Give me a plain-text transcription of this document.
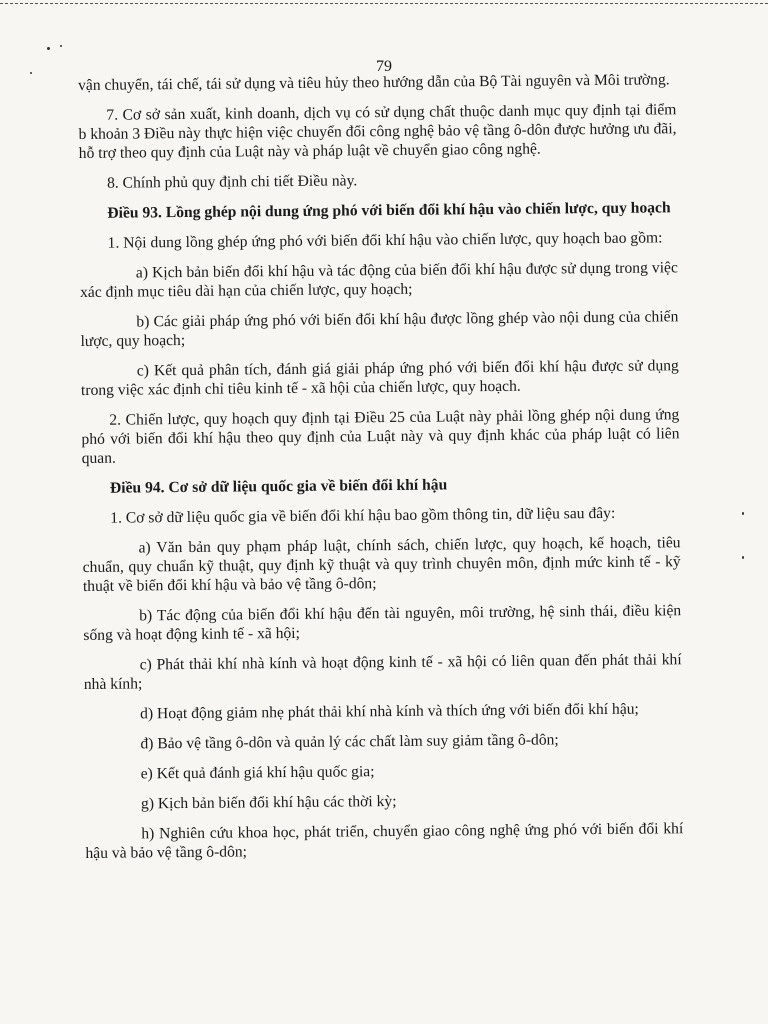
79

vận chuyển, tái chế, tái sử dụng và tiêu hủy theo hướng dẫn của Bộ Tài nguyên và Môi trường.

7. Cơ sở sản xuất, kinh doanh, dịch vụ có sử dụng chất thuộc danh mục quy định tại điểm b khoản 3 Điều này thực hiện việc chuyển đổi công nghệ bảo vệ tầng ô-dôn được hưởng ưu đãi, hỗ trợ theo quy định của Luật này và pháp luật về chuyển giao công nghệ.

8. Chính phủ quy định chi tiết Điều này.

Điều 93. Lồng ghép nội dung ứng phó với biến đổi khí hậu vào chiến lược, quy hoạch

1. Nội dung lồng ghép ứng phó với biến đổi khí hậu vào chiến lược, quy hoạch bao gồm:

a) Kịch bản biến đổi khí hậu và tác động của biến đổi khí hậu được sử dụng trong việc xác định mục tiêu dài hạn của chiến lược, quy hoạch;

b) Các giải pháp ứng phó với biến đổi khí hậu được lồng ghép vào nội dung của chiến lược, quy hoạch;

c) Kết quả phân tích, đánh giá giải pháp ứng phó với biến đổi khí hậu được sử dụng trong việc xác định chỉ tiêu kinh tế - xã hội của chiến lược, quy hoạch.

2. Chiến lược, quy hoạch quy định tại Điều 25 của Luật này phải lồng ghép nội dung ứng phó với biến đổi khí hậu theo quy định của Luật này và quy định khác của pháp luật có liên quan.

Điều 94. Cơ sở dữ liệu quốc gia về biến đổi khí hậu

1. Cơ sở dữ liệu quốc gia về biến đổi khí hậu bao gồm thông tin, dữ liệu sau đây:

a) Văn bản quy phạm pháp luật, chính sách, chiến lược, quy hoạch, kế hoạch, tiêu chuẩn, quy chuẩn kỹ thuật, quy định kỹ thuật và quy trình chuyên môn, định mức kinh tế - kỹ thuật về biến đổi khí hậu và bảo vệ tầng ô-dôn;

b) Tác động của biến đổi khí hậu đến tài nguyên, môi trường, hệ sinh thái, điều kiện sống và hoạt động kinh tế - xã hội;

c) Phát thải khí nhà kính và hoạt động kinh tế - xã hội có liên quan đến phát thải khí nhà kính;

d) Hoạt động giảm nhẹ phát thải khí nhà kính và thích ứng với biến đổi khí hậu;

đ) Bảo vệ tầng ô-dôn và quản lý các chất làm suy giảm tầng ô-dôn;

e) Kết quả đánh giá khí hậu quốc gia;

g) Kịch bản biến đổi khí hậu các thời kỳ;

h) Nghiên cứu khoa học, phát triển, chuyển giao công nghệ ứng phó với biến đổi khí hậu và bảo vệ tầng ô-dôn;
